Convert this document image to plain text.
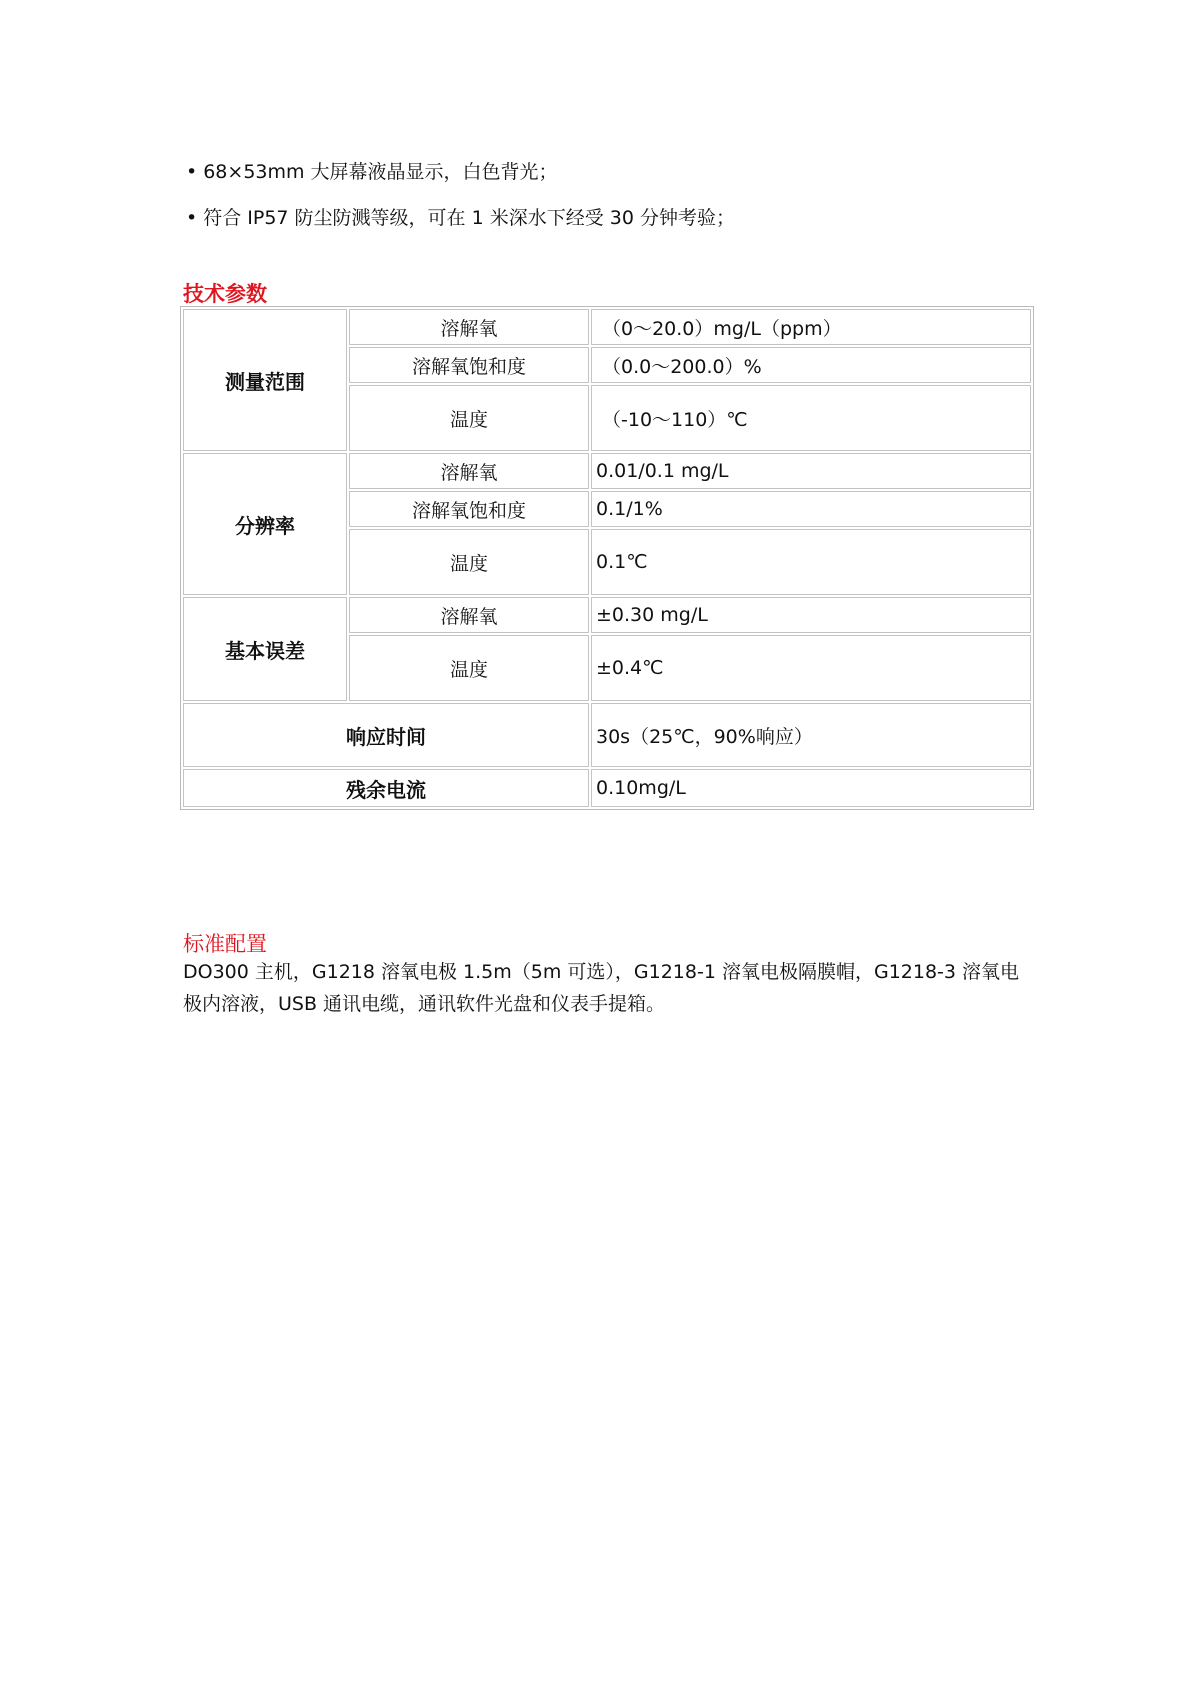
• 68×53mm 大屏幕液晶显示，白色背光；
• 符合 IP57 防尘防溅等级，可在 1 米深水下经受 30 分钟考验；
技术参数
测量范围	溶解氧	（0～20.0）mg/L（ppm）
	溶解氧饱和度	（0.0～200.0）%
	温度	（-10～110）℃
分辨率	溶解氧	0.01/0.1 mg/L
	溶解氧饱和度	0.1/1%
	温度	0.1℃
基本误差	溶解氧	±0.30 mg/L
	温度	±0.4℃
响应时间		30s（25℃，90%响应）
残余电流		0.10mg/L
标准配置
DO300 主机，G1218 溶氧电极 1.5m（5m 可选），G1218-1 溶氧电极隔膜帽，G1218-3 溶氧电极内溶液，USB 通讯电缆，通讯软件光盘和仪表手提箱。
